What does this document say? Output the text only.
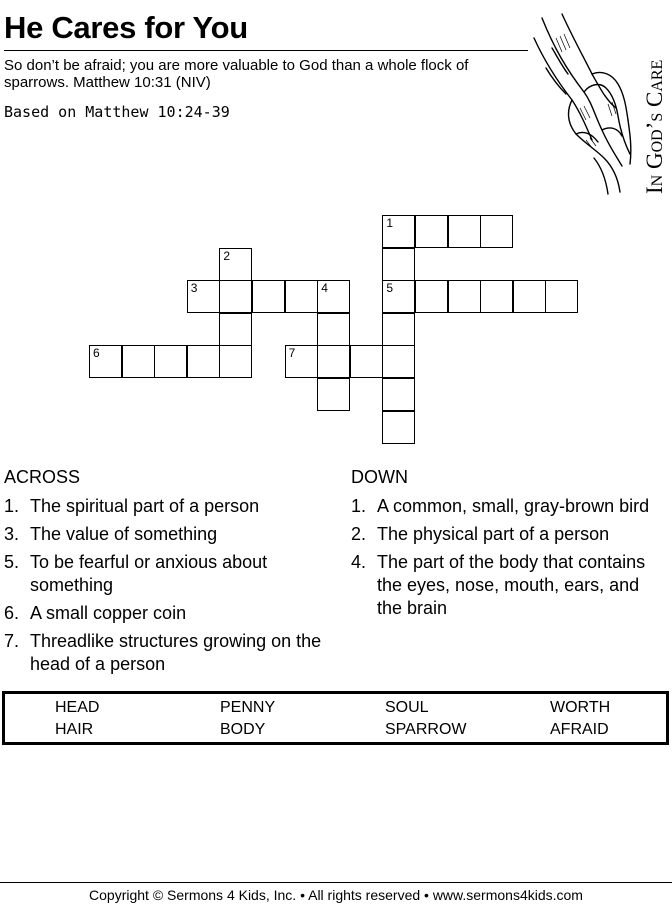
He Cares for You
So don’t be afraid; you are more valuable to God than a whole flock of sparrows. Matthew 10:31 (NIV)
Based on Matthew 10:24-39	In God’s Care
1
2
3	4	5
6	7
ACROSS
1. The spiritual part of a person
3. The value of something
5. To be fearful or anxious about something
6. A small copper coin
7. Threadlike structures growing on the head of a person
DOWN
1. A common, small, gray-brown bird
2. The physical part of a person
4. The part of the body that contains the eyes, nose, mouth, ears, and the brain
HEAD	PENNY	SOUL	WORTH
HAIR	BODY	SPARROW	AFRAID
Copyright © Sermons 4 Kids, Inc. • All rights reserved • www.sermons4kids.com
